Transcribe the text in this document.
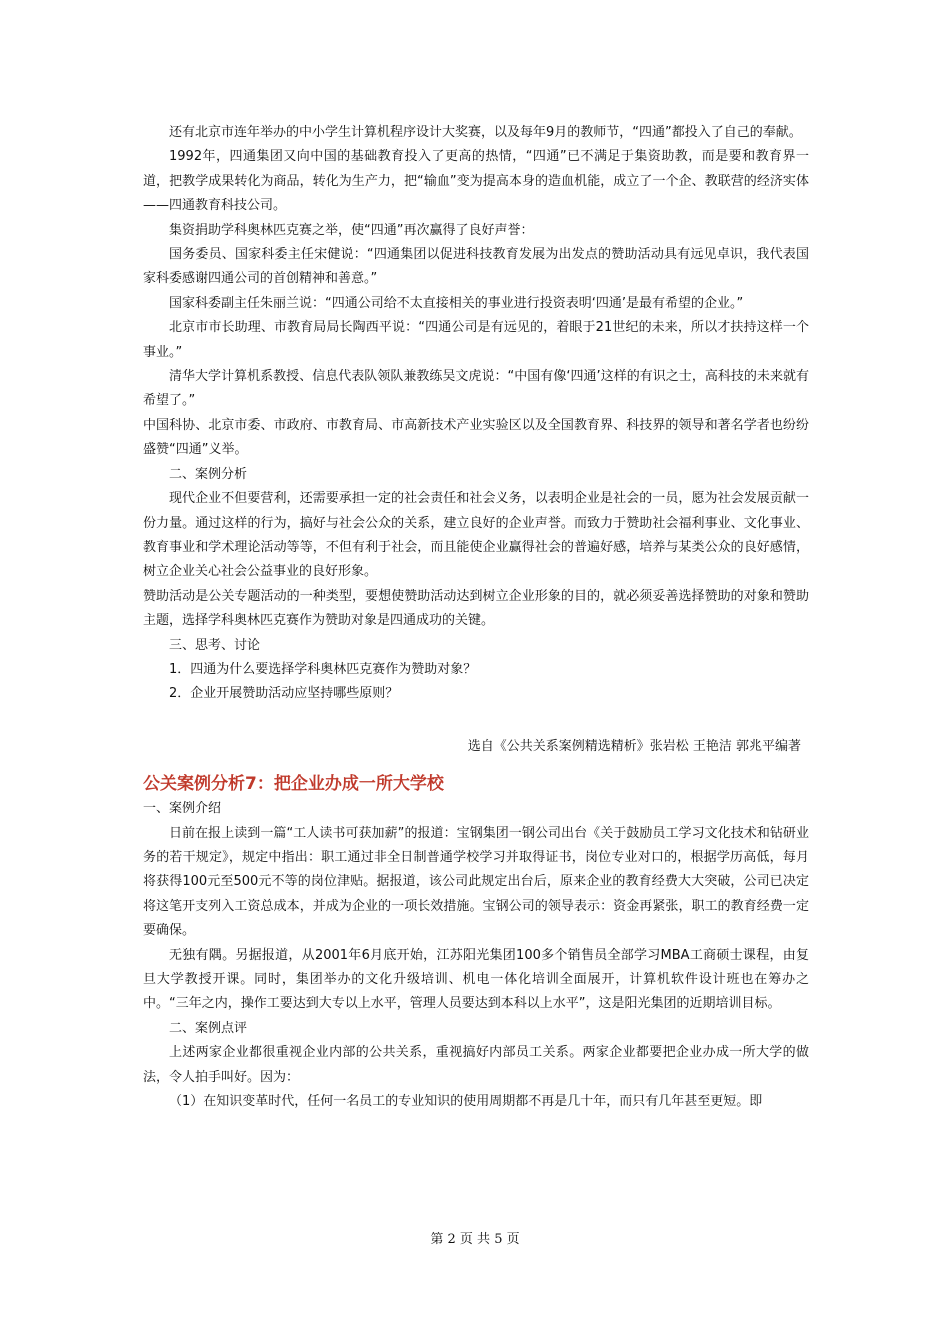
还有北京市连年举办的中小学生计算机程序设计大奖赛，以及每年9月的教师节，“四通”都投入了自己的奉献。

1992年，四通集团又向中国的基础教育投入了更高的热情，“四通”已不满足于集资助教，而是要和教育界一道，把教学成果转化为商品，转化为生产力，把“输血”变为提高本身的造血机能，成立了一个企、教联营的经济实体——四通教育科技公司。

集资捐助学科奥林匹克赛之举，使“四通”再次赢得了良好声誉：

国务委员、国家科委主任宋健说：“四通集团以促进科技教育发展为出发点的赞助活动具有远见卓识，我代表国家科委感谢四通公司的首创精神和善意。”

国家科委副主任朱丽兰说：“四通公司给不太直接相关的事业进行投资表明‘四通’是最有希望的企业。”

北京市市长助理、市教育局局长陶西平说：“四通公司是有远见的，着眼于21世纪的未来，所以才扶持这样一个事业。”

清华大学计算机系教授、信息代表队领队兼教练吴文虎说：“中国有像‘四通’这样的有识之士，高科技的未来就有希望了。”

中国科协、北京市委、市政府、市教育局、市高新技术产业实验区以及全国教育界、科技界的领导和著名学者也纷纷盛赞“四通”义举。

二、案例分析

现代企业不但要营利，还需要承担一定的社会责任和社会义务，以表明企业是社会的一员，愿为社会发展贡献一份力量。通过这样的行为，搞好与社会公众的关系，建立良好的企业声誉。而致力于赞助社会福利事业、文化事业、教育事业和学术理论活动等等，不但有利于社会，而且能使企业赢得社会的普遍好感，培养与某类公众的良好感情，树立企业关心社会公益事业的良好形象。

赞助活动是公关专题活动的一种类型，要想使赞助活动达到树立企业形象的目的，就必须妥善选择赞助的对象和赞助主题，选择学科奥林匹克赛作为赞助对象是四通成功的关键。

三、思考、讨论

1．四通为什么要选择学科奥林匹克赛作为赞助对象？

2．企业开展赞助活动应坚持哪些原则？

选自《公共关系案例精选精析》张岩松 王艳洁 郭兆平编著

公关案例分析7：把企业办成一所大学校

一、案例介绍

日前在报上读到一篇“工人读书可获加薪”的报道：宝钢集团一钢公司出台《关于鼓励员工学习文化技术和钻研业务的若干规定》，规定中指出：职工通过非全日制普通学校学习并取得证书，岗位专业对口的，根据学历高低，每月将获得100元至500元不等的岗位津贴。据报道，该公司此规定出台后，原来企业的教育经费大大突破，公司已决定将这笔开支列入工资总成本，并成为企业的一项长效措施。宝钢公司的领导表示：资金再紧张，职工的教育经费一定要确保。

无独有隅。另据报道，从2001年6月底开始，江苏阳光集团100多个销售员全部学习MBA工商硕士课程，由复旦大学教授开课。同时，集团举办的文化升级培训、机电一体化培训全面展开，计算机软件设计班也在筹办之中。“三年之内，操作工要达到大专以上水平，管理人员要达到本科以上水平”，这是阳光集团的近期培训目标。

二、案例点评

上述两家企业都很重视企业内部的公共关系，重视搞好内部员工关系。两家企业都要把企业办成一所大学的做法，令人拍手叫好。因为：

（1）在知识变革时代，任何一名员工的专业知识的使用周期都不再是几十年，而只有几年甚至更短。即

第 2 页 共 5 页
